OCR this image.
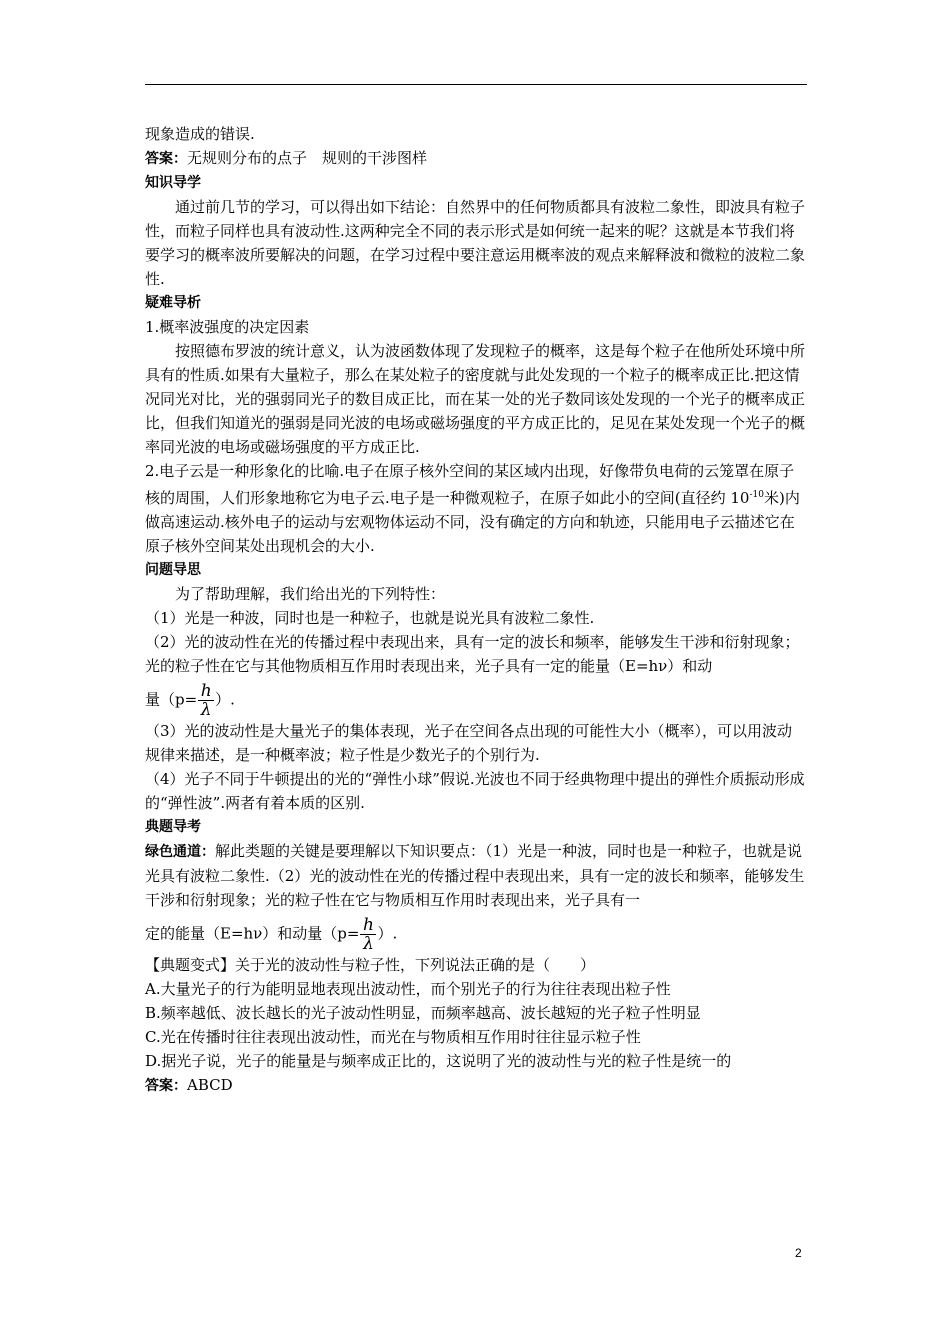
现象造成的错误.

答案：无规则分布的点子　规则的干涉图样

知识导学

通过前几节的学习，可以得出如下结论：自然界中的任何物质都具有波粒二象性，即波具有粒子性，而粒子同样也具有波动性.这两种完全不同的表示形式是如何统一起来的呢？这就是本节我们将要学习的概率波所要解决的问题，在学习过程中要注意运用概率波的观点来解释波和微粒的波粒二象性.

疑难导析

1.概率波强度的决定因素

按照德布罗波的统计意义，认为波函数体现了发现粒子的概率，这是每个粒子在他所处环境中所具有的性质.如果有大量粒子，那么在某处粒子的密度就与此处发现的一个粒子的概率成正比.把这情况同光对比，光的强弱同光子的数目成正比，而在某一处的光子数同该处发现的一个光子的概率成正比，但我们知道光的强弱是同光波的电场或磁场强度的平方成正比的，足见在某处发现一个光子的概率同光波的电场或磁场强度的平方成正比.

2.电子云是一种形象化的比喻.电子在原子核外空间的某区域内出现，好像带负电荷的云笼罩在原子核的周围，人们形象地称它为电子云.电子是一种微观粒子，在原子如此小的空间(直径约 $10^{-10}$米)内做高速运动.核外电子的运动与宏观物体运动不同，没有确定的方向和轨迹，只能用电子云描述它在原子核外空间某处出现机会的大小.

问题导思

为了帮助理解，我们给出光的下列特性：

（1）光是一种波，同时也是一种粒子，也就是说光具有波粒二象性.

（2）光的波动性在光的传播过程中表现出来，具有一定的波长和频率，能够发生干涉和衍射现象；光的粒子性在它与其他物质相互作用时表现出来，光子具有一定的能量（E=hν）和动

量（$p= \frac{h}{\lambda}$ ）.

（3）光的波动性是大量光子的集体表现，光子在空间各点出现的可能性大小（概率），可以用波动规律来描述，是一种概率波；粒子性是少数光子的个别行为.

（4）光子不同于牛顿提出的光的“弹性小球”假说.光波也不同于经典物理中提出的弹性介质振动形成的“弹性波”.两者有着本质的区别.

典题导考

绿色通道：解此类题的关键是要理解以下知识要点：（1）光是一种波，同时也是一种粒子，也就是说光具有波粒二象性.（2）光的波动性在光的传播过程中表现出来，具有一定的波长和频率，能够发生干涉和衍射现象；光的粒子性在它与物质相互作用时表现出来，光子具有一

定的能量（E=hν）和动量（$p= \frac{h}{\lambda}$ ）.

【典题变式】关于光的波动性与粒子性，下列说法正确的是（　　）

A.大量光子的行为能明显地表现出波动性，而个别光子的行为往往表现出粒子性

B.频率越低、波长越长的光子波动性明显，而频率越高、波长越短的光子粒子性明显

C.光在传播时往往表现出波动性，而光在与物质相互作用时往往显示粒子性

D.据光子说，光子的能量是与频率成正比的，这说明了光的波动性与光的粒子性是统一的

答案：ABCD

2
